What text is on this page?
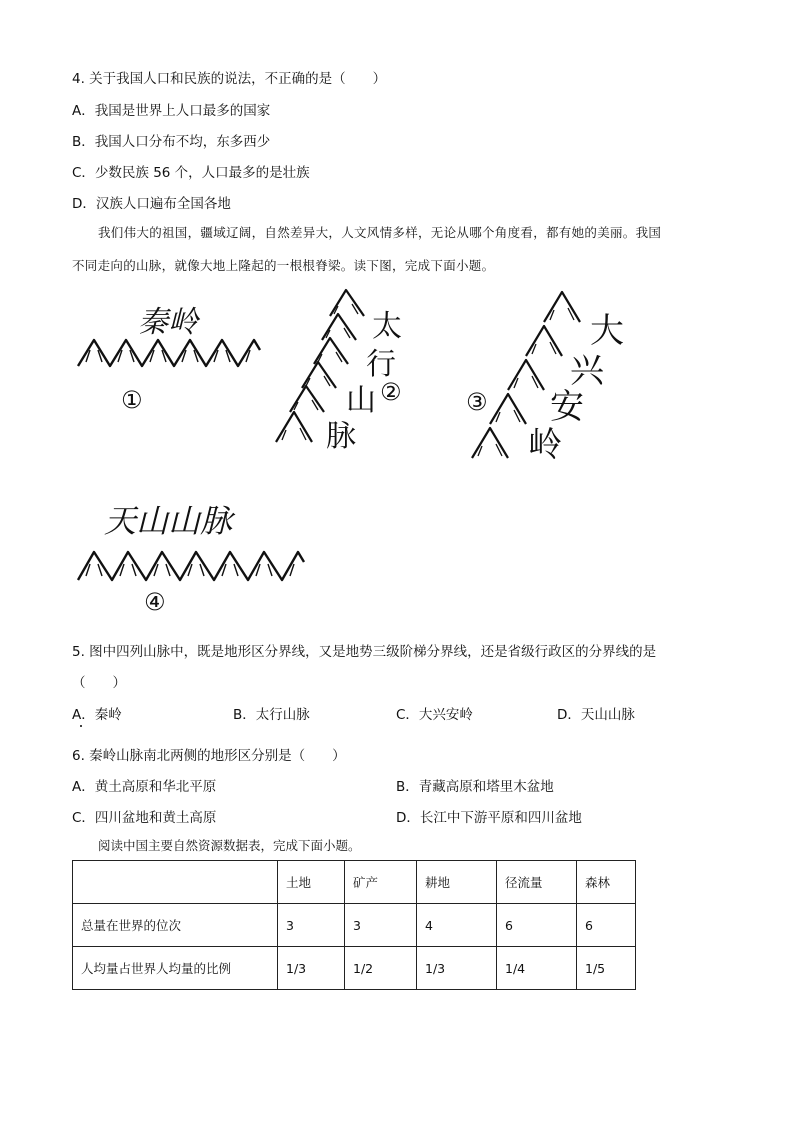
4. 关于我国人口和民族的说法，不正确的是（　　）
A．我国是世界上人口最多的国家
B．我国人口分布不均，东多西少
C．少数民族 56 个，人口最多的是壮族
D．汉族人口遍布全国各地
我们伟大的祖国，疆域辽阔，自然差异大，人文风情多样，无论从哪个角度看，都有她的美丽。我国
不同走向的山脉，就像大地上隆起的一根根脊梁。读下图，完成下面小题。
秦岭
①
太
行
山 ②
脉
大
兴
③ 安
岭
天山山脉
④
5. 图中四列山脉中，既是地形区分界线，又是地势三级阶梯分界线，还是省级行政区的分界线的是
（　　）
A．秦岭	B．太行山脉	C．大兴安岭	D．天山山脉
6. 秦岭山脉南北两侧的地形区分别是（　　）
A．黄土高原和华北平原	B．青藏高原和塔里木盆地
C．四川盆地和黄土高原	D．长江中下游平原和四川盆地
阅读中国主要自然资源数据表，完成下面小题。
	土地	矿产	耕地	径流量	森林
总量在世界的位次	3	3	4	6	6
人均量占世界人均量的比例	1/3	1/2	1/3	1/4	1/5
